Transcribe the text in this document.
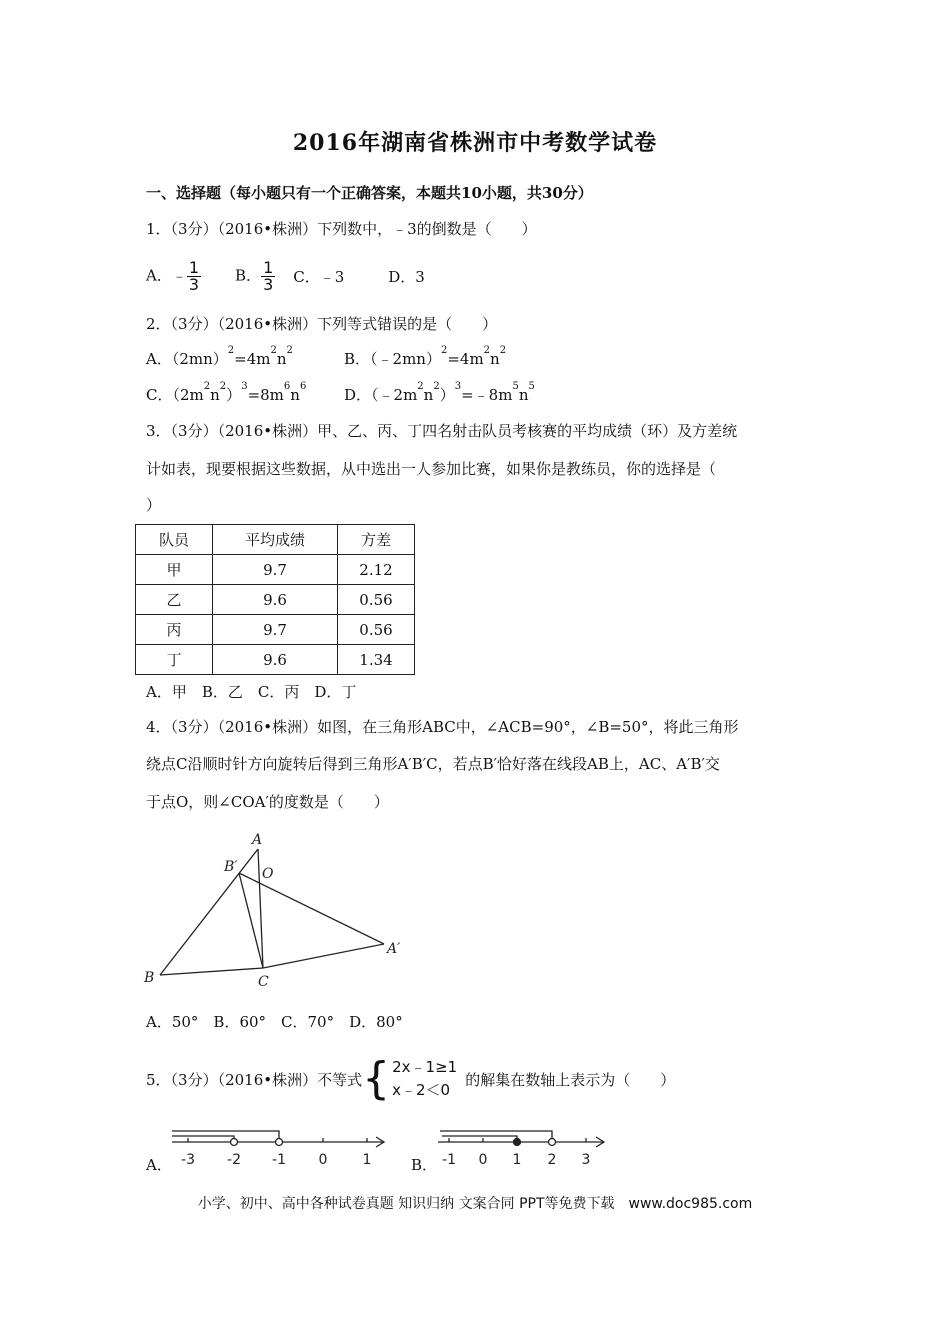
2016年湖南省株洲市中考数学试卷
一、选择题（每小题只有一个正确答案，本题共10小题，共30分）
1．（3分）（2016•株洲）下列数中，﹣3的倒数是（　　）
A．﹣ $\frac{1}{3}$ B． $\frac{1}{3}$ C．﹣3	D．3
2．（3分）（2016•株洲）下列等式错误的是（　　）
A．$(2mn)^2=4m^2n^2$	B．$(﹣2mn)^2=4m^2n^2$
C．$(2m^2n^2)^3=8m^6n^6$	D．$(﹣2m^2n^2)^3=﹣8m^5n^5$
3．（3分）（2016•株洲）甲、乙、丙、丁四名射击队员考核赛的平均成绩（环）及方差统
计如表，现要根据这些数据，从中选出一人参加比赛，如果你是教练员，你的选择是（
）
队员	平均成绩	方差
甲	9.7	2.12
乙	9.6	0.56
丙	9.7	0.56
丁	9.6	1.34
A．甲　B．乙　C．丙　D．丁
4．（3分）（2016•株洲）如图，在三角形ABC中，∠ACB=90°，∠B=50°，将此三角形
绕点C沿顺时针方向旋转后得到三角形A′B′C，若点B′恰好落在线段AB上，AC、A′B′交
于点O，则∠COA′的度数是（　　）
A
B′ O
A′
B	C
A．50°　B．60°　C．70°　D．80°
5．（3分）（2016•株洲）不等式 { 2x﹣1≥1
x﹣2＜0
的解集在数轴上表示为（　　）
A． -3 -2 -1 0	1	B． -1 0 1 2 3
小学、初中、高中各种试卷真题 知识归纳 文案合同 PPT等免费下载　www.doc985.com
